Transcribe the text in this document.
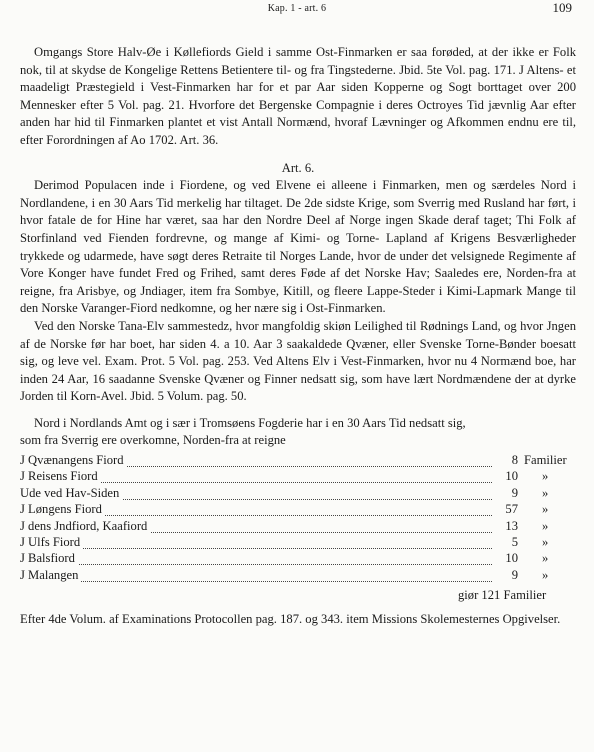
Kap. 1 - art. 6	109

Omgangs Store Halv-Øe i Køllefiords Gield i samme Ost-Finmarken er saa forøded, at der ikke er Folk nok, til at skydse de Kongelige Rettens Betientere til- og fra Tingstederne. Jbid. 5te Vol. pag. 171. J Altens- et maadeligt Præstegield i Vest-Finmarken har for et par Aar siden Kopperne og Sogt borttaget over 200 Mennesker efter 5 Vol. pag. 21. Hvorfore det Bergenske Compagnie i deres Octroyes Tid jævnlig Aar efter anden har hid til Finmarken plantet et vist Antall Normænd, hvoraf Lævninger og Afkommen endnu ere til, efter Forordningen af Ao 1702. Art. 36.

Art. 6.

Derimod Populacen inde i Fiordene, og ved Elvene ei alleene i Finmarken, men og særdeles Nord i Nordlandene, i en 30 Aars Tid merkelig har tiltaget. De 2de sidste Krige, som Sverrig med Rusland har ført, i hvor fatale de for Hine har været, saa har den Nordre Deel af Norge ingen Skade deraf taget; Thi Folk af Storfinland ved Fienden fordrevne, og mange af Kimi- og Torne- Lapland af Krigens Besværligheder trykkede og udarmede, have søgt deres Retraite til Norges Lande, hvor de under det velsignede Regimente af Vore Konger have fundet Fred og Frihed, samt deres Føde af det Norske Hav; Saaledes ere, Norden-fra at reigne, fra Arisbye, og Jndiager, item fra Sombye, Kitill, og fleere Lappe-Steder i Kimi-Lapmark Mange til den Norske Varanger-Fiord nedkomne, og her nære sig i Ost-Finmarken.

Ved den Norske Tana-Elv sammestedz, hvor mangfoldig skiøn Leilighed til Rødnings Land, og hvor Jngen af de Norske før har boet, har siden 4. a 10. Aar 3 saakaldede Qvæner, eller Svenske Torne-Bønder boesatt sig, og leve vel. Exam. Prot. 5 Vol. pag. 253. Ved Altens Elv i Vest-Finmarken, hvor nu 4 Normænd boe, har inden 24 Aar, 16 saadanne Svenske Qvæner og Finner nedsatt sig, som have lært Nordmændene der at dyrke Jorden til Korn-Avel. Jbid. 5 Volum. pag. 50.

Nord i Nordlands Amt og i sær i Tromsøens Fogderie har i en 30 Aars Tid nedsatt sig,

som fra Sverrig ere overkomne, Norden-fra at reigne

J Qvænangens Fiord	8 Familier
J Reisens Fiord	10 »
Ude ved Hav-Siden	9 »
J Løngens Fiord	57 »
J dens Jndfiord, Kaafiord	13 »
J Ulfs Fiord	5 »
J Balsfiord	10 »
J Malangen	9 »
giør 121 Familier

Efter 4de Volum. af Examinations Protocollen pag. 187. og 343. item Missions Skolemesternes Opgivelser.
